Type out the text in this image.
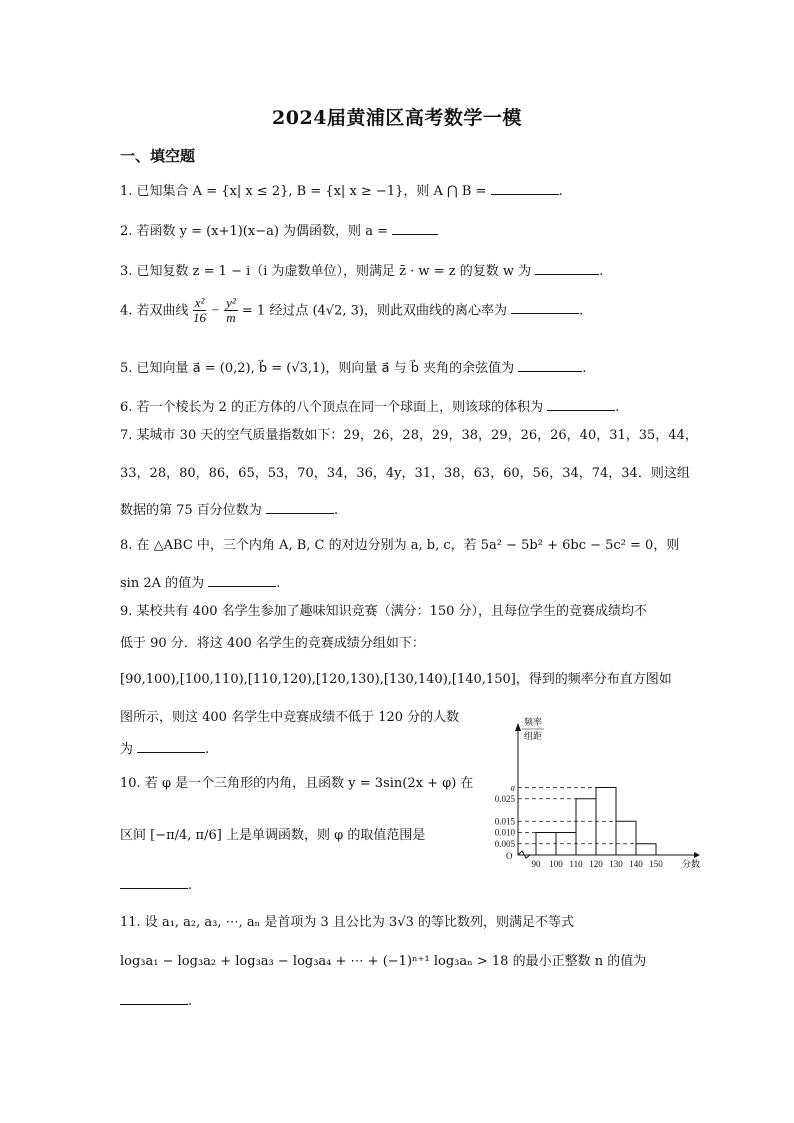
2024届黄浦区高考数学一模
一、填空题
1. 已知集合 A = {x| x ≤ 2}, B = {x| x ≥ −1}，则 A ⋂ B =	.
2. 若函数 y = (x+1)(x−a) 为偶函数，则 a =
3. 已知复数 z = 1 − i（i 为虚数单位），则满足 z̄ · w = z 的复数 w 为	.
4. 若双曲线 $\frac{\text{x²}}{16} - \frac{\text{y²}}{m} = 1$ 经过点 (4√2, 3)，则此双曲线的离心率为	.
5. 已知向量 a⃗ = (0,2), b⃗ = (√3,1)，则向量 a⃗ 与 b⃗ 夹角的余弦值为	.
6. 若一个棱长为 2 的正方体的八个顶点在同一个球面上，则该球的体积为	.
7. 某城市 30 天的空气质量指数如下：29，26，28，29，38，29，26，26，40，31，35，44，
33，28，80，86，65，53，70，34，36，4y，31，38，63，60，56，34，74，34．则这组
数据的第 75 百分位数为	.
8. 在 △ABC 中，三个内角 A, B, C 的对边分别为 a, b, c，若 5a² − 5b² + 6bc − 5c² = 0，则
sin 2A 的值为	.
9. 某校共有 400 名学生参加了趣味知识竞赛（满分：150 分），且每位学生的竞赛成绩均不
低于 90 分．将这 400 名学生的竞赛成绩分组如下：
[90,100),[100,110),[110,120),[120,130),[130,140),[140,150]，得到的频率分布直方图如
图所示，则这 400 名学生中竞赛成绩不低于 120 分的人数
为	.
10. 若 φ 是一个三角形的内角，且函数 y = 3sin(2x + φ) 在
区间 [−π/4, π/6] 上是单调函数，则 φ 的取值范围是
.
11. 设 a₁, a₂, a₃, ⋯, aₙ 是首项为 3 且公比为 3√3 的等比数列，则满足不等式
log₃a₁ − log₃a₂ + log₃a₃ − log₃a₄ + ⋯ + (−1)ⁿ⁺¹ log₃aₙ > 18 的最小正整数 n 的值为
.
频率
组距
分数
O
0.005
0.010
0.015
0.025
a
90 100 110 120 130 140 150
